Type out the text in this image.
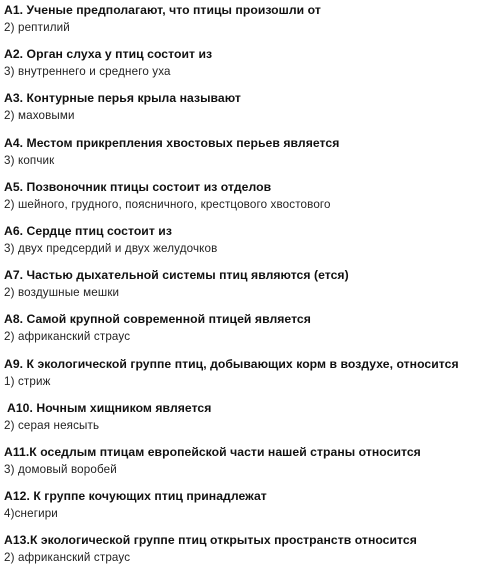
А1. Ученые предполагают, что птицы произошли от
2) рептилий
А2. Орган слуха у птиц состоит из
3) внутреннего и среднего уха
А3. Контурные перья крыла называют
2) маховыми
А4. Местом прикрепления хвостовых перьев является
3) копчик
А5. Позвоночник птицы состоит из отделов
2) шейного, грудного, поясничного, крестцового хвостового
А6. Сердце птиц состоит из
3) двух предсердий и двух желудочков
А7. Частью дыхательной системы птиц являются (ется)
2) воздушные мешки
А8. Самой крупной современной птицей является
2) африканский страус
А9. К экологической группе птиц, добывающих корм в воздухе, относится
1) стриж
А10. Ночным хищником является
2) серая неясыть
А11.К оседлым птицам европейской части нашей страны относится
3) домовый воробей
А12. К группе кочующих птиц принадлежат
4)снегири
А13.К экологической группе птиц открытых пространств относится
2) африканский страус
